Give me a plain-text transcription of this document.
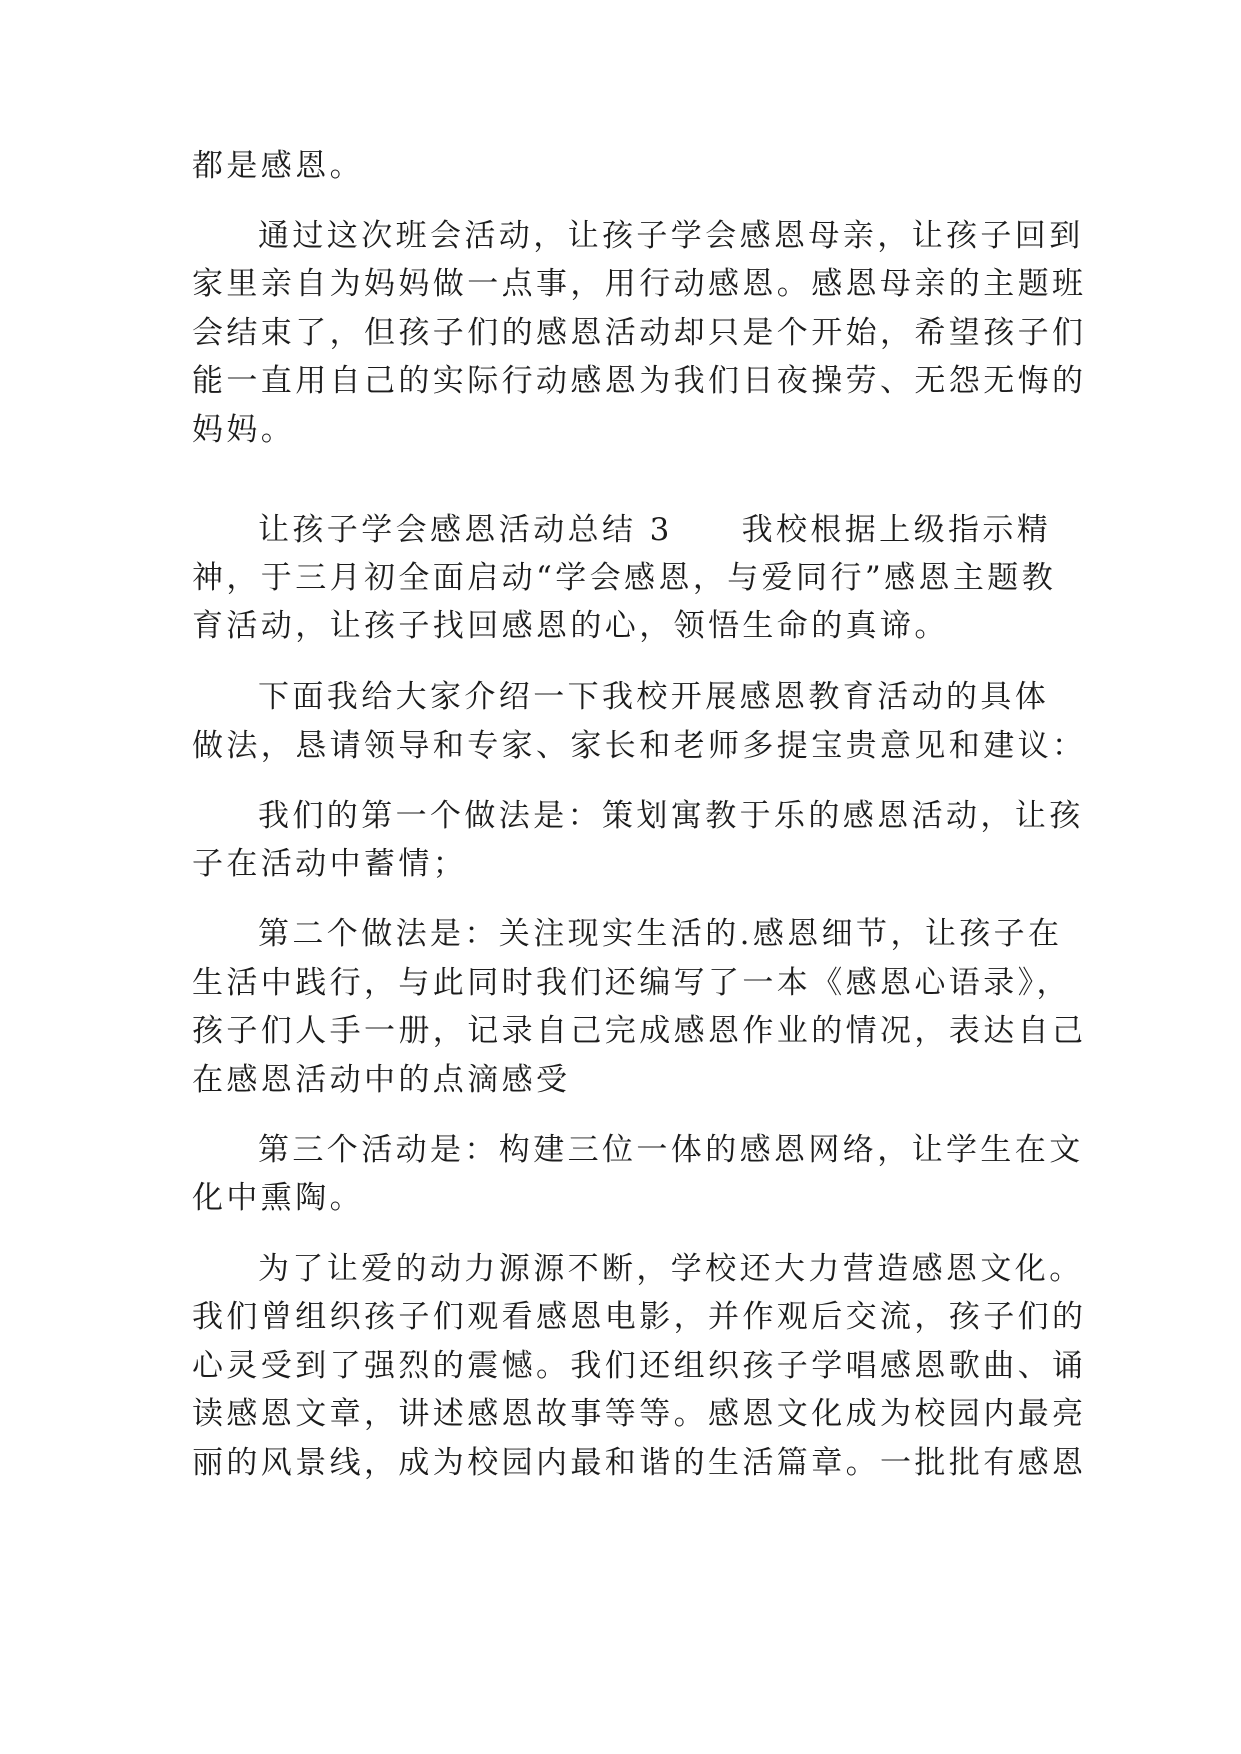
都是感恩。
通过这次班会活动，让孩子学会感恩母亲，让孩子回到
家里亲自为妈妈做一点事，用行动感恩。感恩母亲的主题班
会结束了，但孩子们的感恩活动却只是个开始，希望孩子们
能一直用自己的实际行动感恩为我们日夜操劳、无怨无悔的
妈妈。
让孩子学会感恩活动总结 3　　我校根据上级指示精
神，于三月初全面启动“学会感恩，与爱同行”感恩主题教
育活动，让孩子找回感恩的心，领悟生命的真谛。
下面我给大家介绍一下我校开展感恩教育活动的具体
做法，恳请领导和专家、家长和老师多提宝贵意见和建议：
我们的第一个做法是：策划寓教于乐的感恩活动，让孩
子在活动中蓄情；
第二个做法是：关注现实生活的.感恩细节，让孩子在
生活中践行，与此同时我们还编写了一本《感恩心语录》，
孩子们人手一册，记录自己完成感恩作业的情况，表达自己
在感恩活动中的点滴感受
第三个活动是：构建三位一体的感恩网络，让学生在文
化中熏陶。
为了让爱的动力源源不断，学校还大力营造感恩文化。
我们曾组织孩子们观看感恩电影，并作观后交流，孩子们的
心灵受到了强烈的震憾。我们还组织孩子学唱感恩歌曲、诵
读感恩文章，讲述感恩故事等等。感恩文化成为校园内最亮
丽的风景线，成为校园内最和谐的生活篇章。一批批有感恩
